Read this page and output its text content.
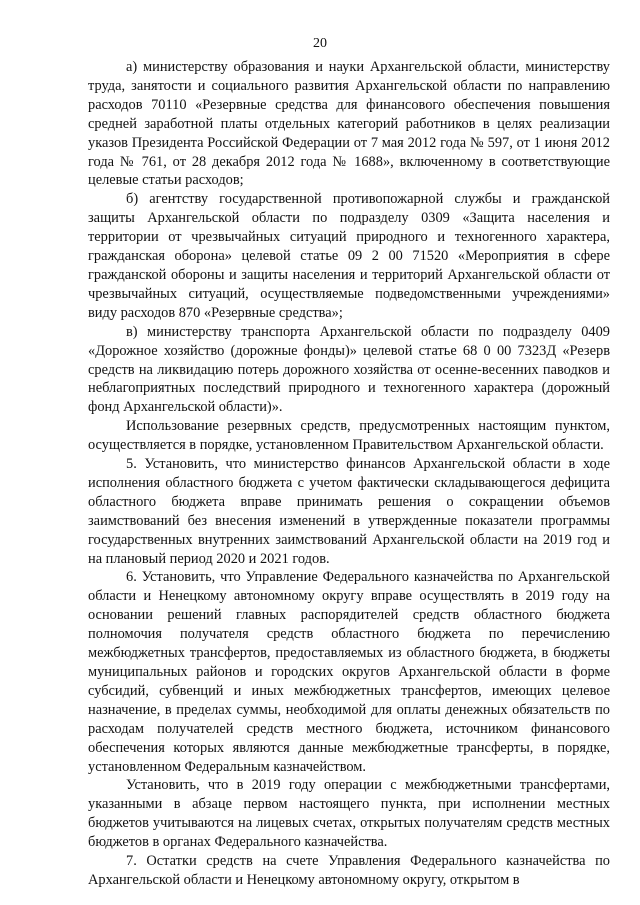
20

а) министерству образования и науки Архангельской области, министерству труда, занятости и социального развития Архангельской области по направлению расходов 70110 «Резервные средства для финансового обеспечения повышения средней заработной платы отдельных категорий работников в целях реализации указов Президента Российской Федерации от 7 мая 2012 года № 597, от 1 июня 2012 года № 761, от 28 декабря 2012 года № 1688», включенному в соответствующие целевые статьи расходов;

б) агентству государственной противопожарной службы и гражданской защиты Архангельской области по подразделу 0309 «Защита населения и территории от чрезвычайных ситуаций природного и техногенного характера, гражданская оборона» целевой статье 09 2 00 71520 «Мероприятия в сфере гражданской обороны и защиты населения и территорий Архангельской области от чрезвычайных ситуаций, осуществляемые подведомственными учреждениями» виду расходов 870 «Резервные средства»;

в) министерству транспорта Архангельской области по подразделу 0409 «Дорожное хозяйство (дорожные фонды)» целевой статье 68 0 00 7323Д «Резерв средств на ликвидацию потерь дорожного хозяйства от осенне-весенних паводков и неблагоприятных последствий природного и техногенного характера (дорожный фонд Архангельской области)».

Использование резервных средств, предусмотренных настоящим пунктом, осуществляется в порядке, установленном Правительством Архангельской области.

5. Установить, что министерство финансов Архангельской области в ходе исполнения областного бюджета с учетом фактически складывающегося дефицита областного бюджета вправе принимать решения о сокращении объемов заимствований без внесения изменений в утвержденные показатели программы государственных внутренних заимствований Архангельской области на 2019 год и на плановый период 2020 и 2021 годов.

6. Установить, что Управление Федерального казначейства по Архангельской области и Ненецкому автономному округу вправе осуществлять в 2019 году на основании решений главных распорядителей средств областного бюджета полномочия получателя средств областного бюджета по перечислению межбюджетных трансфертов, предоставляемых из областного бюджета, в бюджеты муниципальных районов и городских округов Архангельской области в форме субсидий, субвенций и иных межбюджетных трансфертов, имеющих целевое назначение, в пределах суммы, необходимой для оплаты денежных обязательств по расходам получателей средств местного бюджета, источником финансового обеспечения которых являются данные межбюджетные трансферты, в порядке, установленном Федеральным казначейством.

Установить, что в 2019 году операции с межбюджетными трансфертами, указанными в абзаце первом настоящего пункта, при исполнении местных бюджетов учитываются на лицевых счетах, открытых получателям средств местных бюджетов в органах Федерального казначейства.

7. Остатки средств на счете Управления Федерального казначейства по Архангельской области и Ненецкому автономному округу, открытом в
